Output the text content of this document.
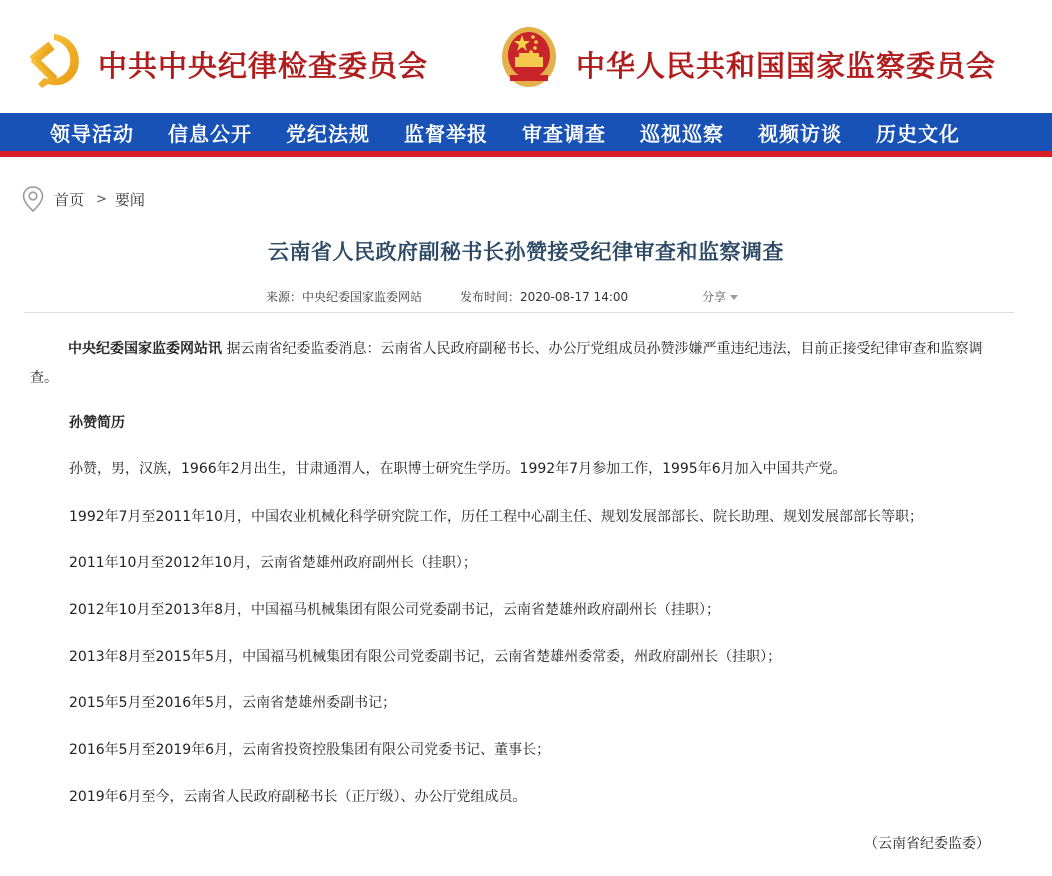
中共中央纪律检查委员会	中华人民共和国国家监察委员会
领导活动 信息公开 党纪法规 监督举报 审查调查 巡视巡察 视频访谈 历史文化
首页 > 要闻
云南省人民政府副秘书长孙赞接受纪律审查和监察调查
来源：中央纪委国家监委网站	发布时间：2020-08-17 14:00	分享

中央纪委国家监委网站讯 据云南省纪委监委消息：云南省人民政府副秘书长、办公厅党组成员孙赞涉嫌严重违纪违法，目前正接受纪律审查和监察调查。

孙赞简历

孙赞，男，汉族，1966年2月出生，甘肃通渭人，在职博士研究生学历。1992年7月参加工作，1995年6月加入中国共产党。

1992年7月至2011年10月，中国农业机械化科学研究院工作，历任工程中心副主任、规划发展部部长、院长助理、规划发展部部长等职；

2011年10月至2012年10月，云南省楚雄州政府副州长（挂职）；

2012年10月至2013年8月，中国福马机械集团有限公司党委副书记，云南省楚雄州政府副州长（挂职）；

2013年8月至2015年5月，中国福马机械集团有限公司党委副书记，云南省楚雄州委常委，州政府副州长（挂职）；

2015年5月至2016年5月，云南省楚雄州委副书记；

2016年5月至2019年6月，云南省投资控股集团有限公司党委书记、董事长；

2019年6月至今，云南省人民政府副秘书长（正厅级）、办公厅党组成员。

（云南省纪委监委）
